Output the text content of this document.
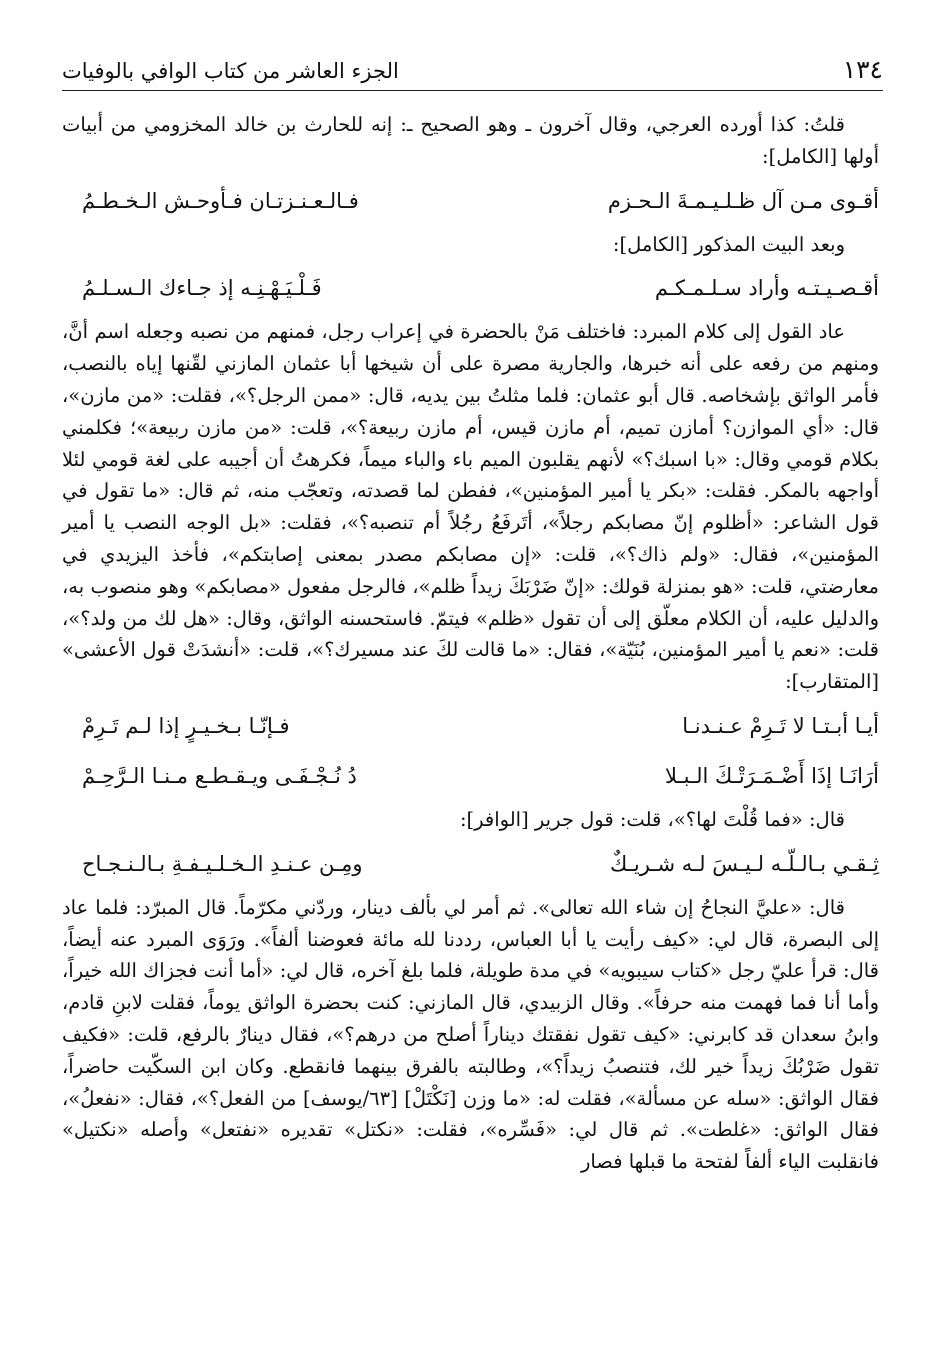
١٣٤
الجزء العاشر من كتاب الوافي بالوفيات

قلتُ: كذا أورده العرجي، وقال آخرون ـ وهو الصحيح ـ: إنه للحارث بن خالد المخزومي من أبيات أولها [الكامل]:

أقـوى مـن آل ظـلـيـمـةَ الـحـزم
فـالـعـنـزتـان فـأوحـش الـخـطـمُ

وبعد البيت المذكور [الكامل]:

أقـصـيـتـه وأراد سـلـمـكـم
فَـلْـيَـهْـنِـه إذ جـاءك الـسـلـمُ

عاد القول إلى كلام المبرد: فاختلف مَنْ بالحضرة في إعراب رجل، فمنهم من نصبه وجعله اسم أنَّ، ومنهم من رفعه على أنه خبرها، والجارية مصرة على أن شيخها أبا عثمان المازني لقّنها إياه بالنصب، فأمر الواثق بإشخاصه. قال أبو عثمان: فلما مثلتُ بين يديه، قال: «ممن الرجل؟»، فقلت: «من مازن»، قال: «أي الموازن؟ أمازن تميم، أم مازن قيس، أم مازن ربيعة؟»، قلت: «من مازن ربيعة»؛ فكلمني بكلام قومي وقال: «با اسبك؟» لأنهم يقلبون الميم باء والباء ميماً، فكرهتُ أن أجيبه على لغة قومي لئلا أواجهه بالمكر. فقلت: «بكر يا أمير المؤمنين»، ففطن لما قصدته، وتعجّب منه، ثم قال: «ما تقول في قول الشاعر: «أظلوم إنّ مصابكم رجلاً»، أتَرفَعُ رجُلاً أم تنصبه؟»، فقلت: «بل الوجه النصب يا أمير المؤمنين»، فقال: «ولم ذاك؟»، قلت: «إن مصابكم مصدر بمعنى إصابتكم»، فأخذ اليزيدي في معارضتي، قلت: «هو بمنزلة قولك: «إنّ ضَرْبَكَ زيداً ظلم»، فالرجل مفعول «مصابكم» وهو منصوب به، والدليل عليه، أن الكلام معلّق إلى أن تقول «ظلم» فيتمّ. فاستحسنه الواثق، وقال: «هل لك من ولد؟»، قلت: «نعم يا أمير المؤمنين، بُنَيّة»، فقال: «ما قالت لكَ عند مسيرك؟»، قلت: «أنشدَتْ قول الأعشى» [المتقارب]:

أيـا أبـتـا لا تَـرِمْ عـنـدنـا
فـإنّـا بـخـيـرٍ إذا لـم تَـرِمْ
أرَانَـا إذَا أَضْـمَـرَتْـكَ الـبـلا
دُ نُـجْـفَـى ويـقـطـع مـنـا الـرَّحِـمْ

قال: «فما قُلْتَ لها؟»، قلت: قول جرير [الوافر]:

ثِـقـي بـالـلّـه لـيـسَ لـه شـريـكٌ
ومِـن عـنـدِ الـخـلـيـفـةِ بـالـنـجـاح

قال: «عليَّ النجاحُ إن شاء الله تعالى». ثم أمر لي بألف دينار، وردّني مكرّماً. قال المبرّد: فلما عاد إلى البصرة، قال لي: «كيف رأيت يا أبا العباس، رددنا لله مائة فعوضنا ألفاً». ورَوَى المبرد عنه أيضاً، قال: قرأ عليّ رجل «كتاب سيبويه» في مدة طويلة، فلما بلغ آخره، قال لي: «أما أنت فجزاك الله خيراً، وأما أنا فما فهمت منه حرفاً». وقال الزبيدي، قال المازني: كنت بحضرة الواثق يوماً، فقلت لابنِ قادم، وابنُ سعدان قد كابرني: «كيف تقول نفقتك ديناراً أصلح من درهم؟»، فقال دينارٌ بالرفع، قلت: «فكيف تقول ضَرْبُكَ زيداً خير لك، فتنصبُ زيداً؟»، وطالبته بالفرق بينهما فانقطع. وكان ابن السكّيت حاضراً، فقال الواثق: «سله عن مسألة»، فقلت له: «ما وزن [نَكْتَلْ] [٦٣/يوسف] من الفعل؟»، فقال: «نفعلُ»، فقال الواثق: «غلطت». ثم قال لي: «فَسِّره»، فقلت: «نكتل» تقديره «نفتعل» وأصله «نكتيل» فانقلبت الياء ألفاً لفتحة ما قبلها فصار
